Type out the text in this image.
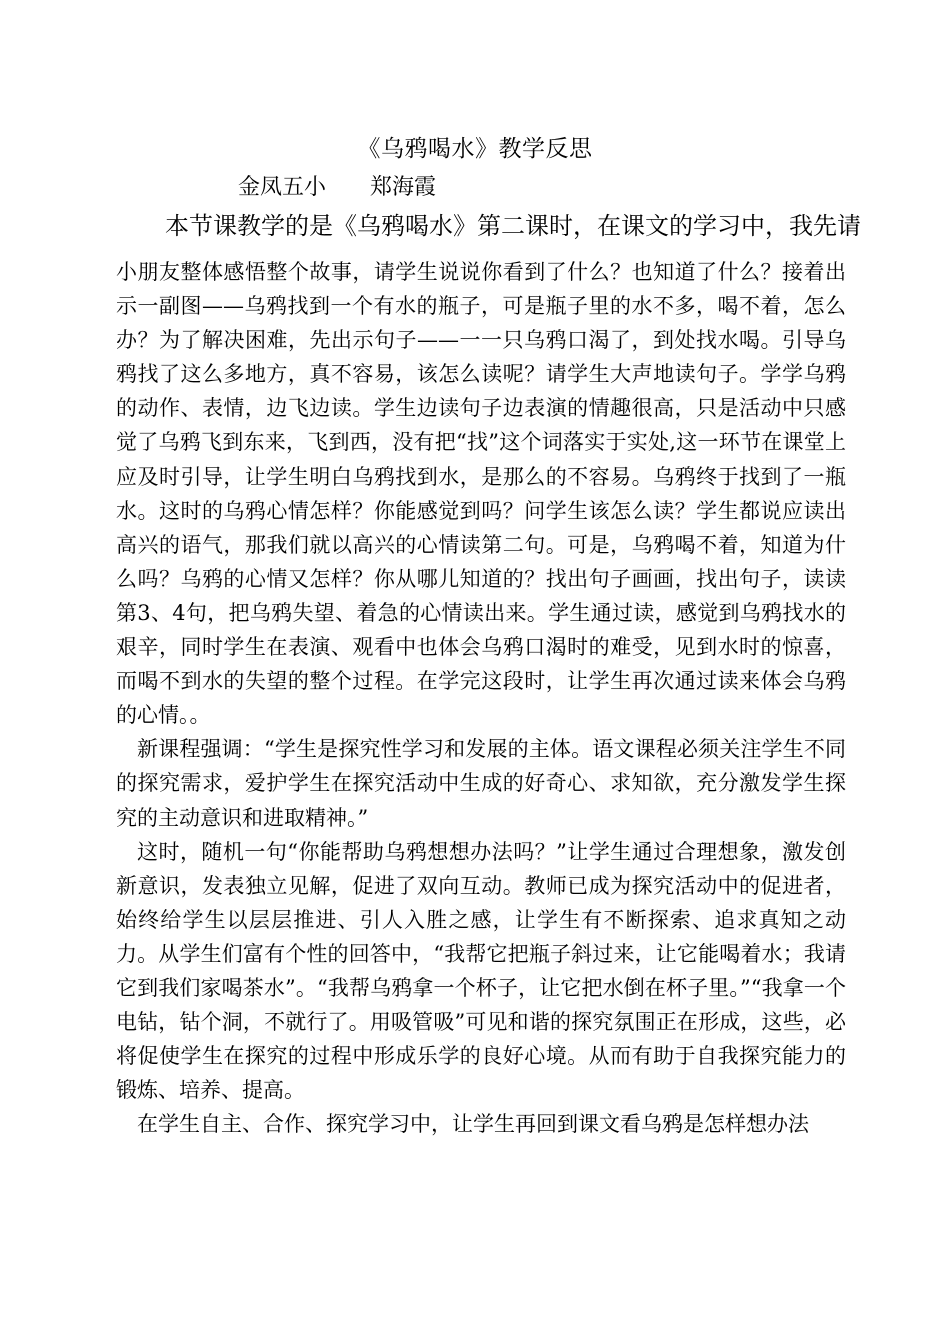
《乌鸦喝水》教学反思
金凤五小 郑海霞

本节课教学的是《乌鸦喝水》第二课时，在课文的学习中，我先请

小朋友整体感悟整个故事，请学生说说你看到了什么？也知道了什么？接着出示一副图——乌鸦找到一个有水的瓶子，可是瓶子里的水不多，喝不着，怎么办？为了解决困难，先出示句子——一一只乌鸦口渴了，到处找水喝。引导乌鸦找了这么多地方，真不容易，该怎么读呢？请学生大声地读句子。学学乌鸦的动作、表情，边飞边读。学生边读句子边表演的情趣很高，只是活动中只感觉了乌鸦飞到东来，飞到西，没有把“找”这个词落实于实处,这一环节在课堂上应及时引导，让学生明白乌鸦找到水，是那么的不容易。乌鸦终于找到了一瓶水。这时的乌鸦心情怎样？你能感觉到吗？问学生该怎么读？学生都说应读出高兴的语气，那我们就以高兴的心情读第二句。可是，乌鸦喝不着，知道为什么吗？乌鸦的心情又怎样？你从哪儿知道的？找出句子画画，找出句子，读读第3、4句，把乌鸦失望、着急的心情读出来。学生通过读，感觉到乌鸦找水的艰辛，同时学生在表演、观看中也体会乌鸦口渴时的难受，见到水时的惊喜，而喝不到水的失望的整个过程。在学完这段时，让学生再次通过读来体会乌鸦的心情。。

新课程强调：“学生是探究性学习和发展的主体。语文课程必须关注学生不同的探究需求，爱护学生在探究活动中生成的好奇心、求知欲，充分激发学生探究的主动意识和进取精神。”

这时，随机一句“你能帮助乌鸦想想办法吗？”让学生通过合理想象，激发创新意识，发表独立见解，促进了双向互动。教师已成为探究活动中的促进者，始终给学生以层层推进、引人入胜之感，让学生有不断探索、追求真知之动力。从学生们富有个性的回答中，“我帮它把瓶子斜过来，让它能喝着水；我请它到我们家喝茶水”。“我帮乌鸦拿一个杯子，让它把水倒在杯子里。”“我拿一个电钻，钻个洞，不就行了。用吸管吸”可见和谐的探究氛围正在形成，这些，必将促使学生在探究的过程中形成乐学的良好心境。从而有助于自我探究能力的锻炼、培养、提高。

在学生自主、合作、探究学习中，让学生再回到课文看乌鸦是怎样想办法
